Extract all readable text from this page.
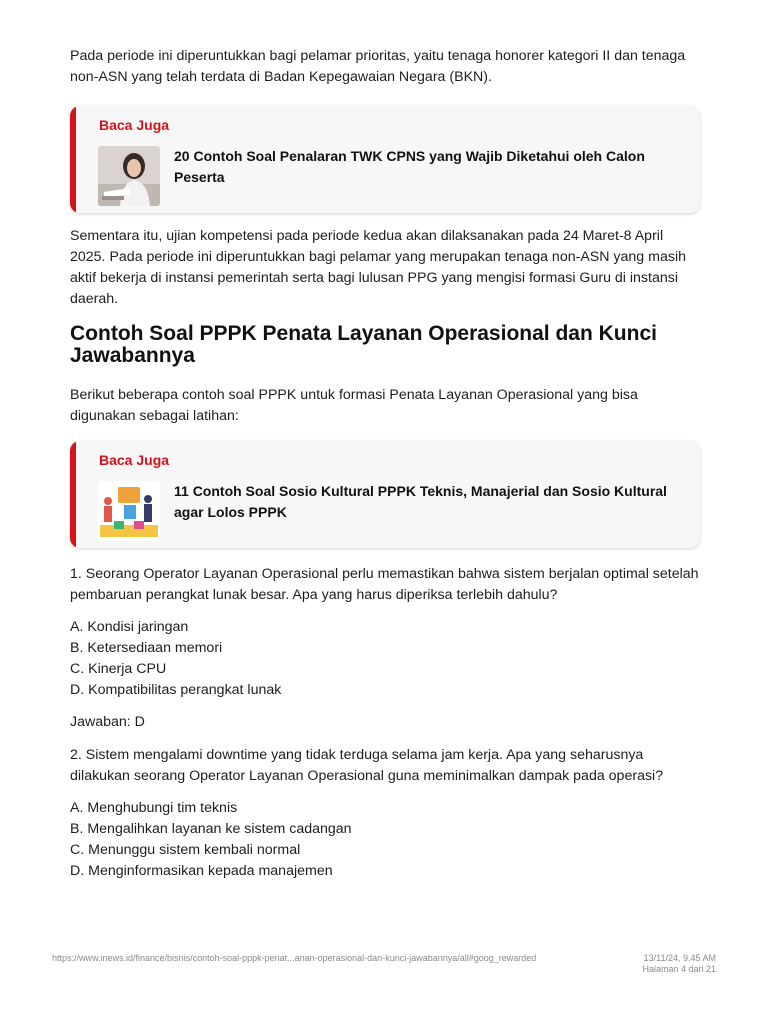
Pada periode ini diperuntukkan bagi pelamar prioritas, yaitu tenaga honorer kategori II dan tenaga non-ASN yang telah terdata di Badan Kepegawaian Negara (BKN).

Baca Juga
20 Contoh Soal Penalaran TWK CPNS yang Wajib Diketahui oleh Calon Peserta

Sementara itu, ujian kompetensi pada periode kedua akan dilaksanakan pada 24 Maret-8 April 2025. Pada periode ini diperuntukkan bagi pelamar yang merupakan tenaga non-ASN yang masih aktif bekerja di instansi pemerintah serta bagi lulusan PPG yang mengisi formasi Guru di instansi daerah.

Contoh Soal PPPK Penata Layanan Operasional dan Kunci Jawabannya

Berikut beberapa contoh soal PPPK untuk formasi Penata Layanan Operasional yang bisa digunakan sebagai latihan:

Baca Juga
11 Contoh Soal Sosio Kultural PPPK Teknis, Manajerial dan Sosio Kultural agar Lolos PPPK

1. Seorang Operator Layanan Operasional perlu memastikan bahwa sistem berjalan optimal setelah pembaruan perangkat lunak besar. Apa yang harus diperiksa terlebih dahulu?

A. Kondisi jaringan

B. Ketersediaan memori

C. Kinerja CPU

D. Kompatibilitas perangkat lunak

Jawaban: D

2. Sistem mengalami downtime yang tidak terduga selama jam kerja. Apa yang seharusnya dilakukan seorang Operator Layanan Operasional guna meminimalkan dampak pada operasi?

A. Menghubungi tim teknis

B. Mengalihkan layanan ke sistem cadangan

C. Menunggu sistem kembali normal

D. Menginformasikan kepada manajemen

https://www.inews.id/finance/bisnis/contoh-soal-pppk-penat...anan-operasional-dan-kunci-jawabannya/all#goog_rewarded	13/11/24, 9.45 AM
Halaman 4 dari 21
